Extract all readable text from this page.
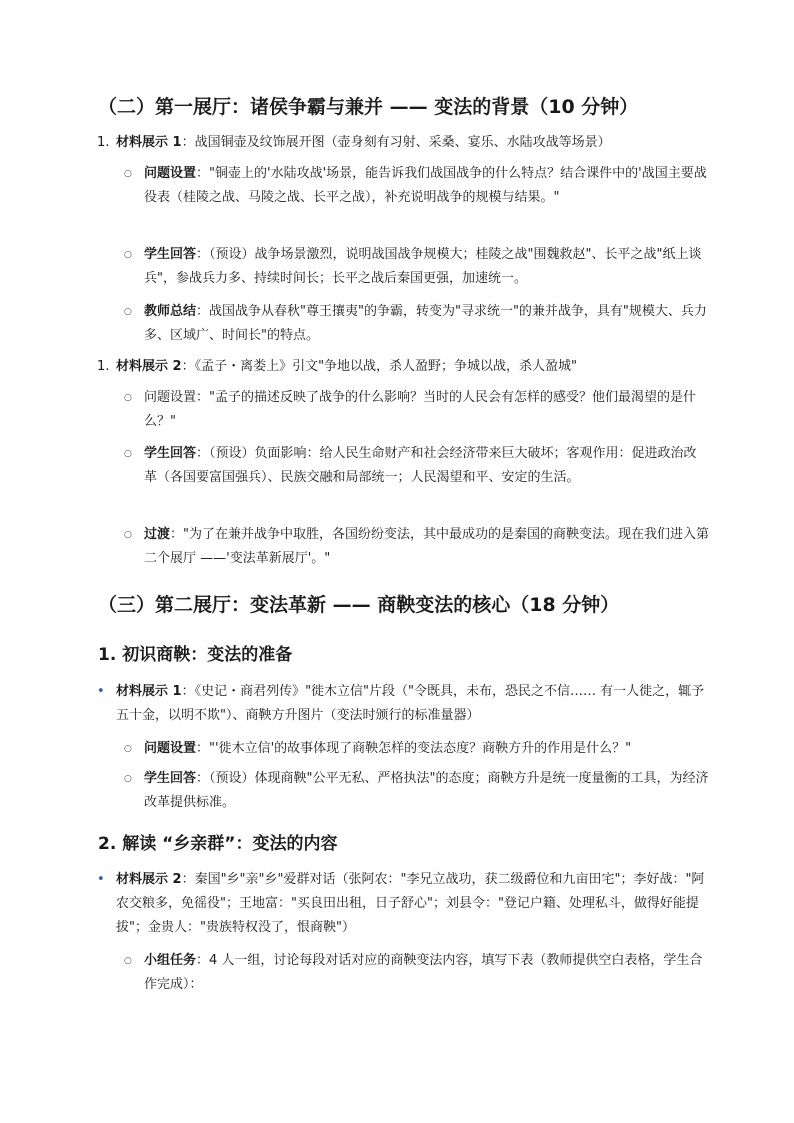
（二）第一展厅：诸侯争霸与兼并 —— 变法的背景（10 分钟）
1. 材料展示 1：战国铜壶及纹饰展开图（壶身刻有习射、采桑、宴乐、水陆攻战等场景）
○ 问题设置："铜壶上的'水陆攻战'场景，能告诉我们战国战争的什么特点？结合课件中的'战国主要战役表（桂陵之战、马陵之战、长平之战），补充说明战争的规模与结果。"
○ 学生回答：（预设）战争场景激烈，说明战国战争规模大；桂陵之战"围魏救赵"、长平之战"纸上谈兵"，参战兵力多、持续时间长；长平之战后秦国更强，加速统一。
○ 教师总结：战国战争从春秋"尊王攘夷"的争霸，转变为"寻求统一"的兼并战争，具有"规模大、兵力多、区域广、时间长"的特点。
1. 材料展示 2：《孟子・离娄上》引文"争地以战，杀人盈野；争城以战，杀人盈城"
○ 问题设置："孟子的描述反映了战争的什么影响？当时的人民会有怎样的感受？他们最渴望的是什么？"
○ 学生回答：（预设）负面影响：给人民生命财产和社会经济带来巨大破坏；客观作用：促进政治改革（各国要富国强兵）、民族交融和局部统一；人民渴望和平、安定的生活。
○ 过渡："为了在兼并战争中取胜，各国纷纷变法，其中最成功的是秦国的商鞅变法。现在我们进入第二个展厅 ——'变法革新展厅'。"
（三）第二展厅：变法革新 —— 商鞅变法的核心（18 分钟）
1. 初识商鞅：变法的准备
• 材料展示 1：《史记・商君列传》"徙木立信"片段（"令既具，未布，恐民之不信…… 有一人徙之，辄予五十金，以明不欺"）、商鞅方升图片（变法时颁行的标准量器）
○ 问题设置："'徙木立信'的故事体现了商鞅怎样的变法态度？商鞅方升的作用是什么？"
○ 学生回答：（预设）体现商鞅"公平无私、严格执法"的态度；商鞅方升是统一度量衡的工具，为经济改革提供标准。
2. 解读 “乡亲群”：变法的内容
• 材料展示 2：秦国"乡"亲"乡"爱群对话（张阿农："李兄立战功，获二级爵位和九亩田宅"；李好战："阿农交粮多，免徭役"；王地富："买良田出租，日子舒心"；刘县令："登记户籍、处理私斗，做得好能提拔"；金贵人："贵族特权没了，恨商鞅"）
○ 小组任务：4 人一组，讨论每段对话对应的商鞅变法内容，填写下表（教师提供空白表格，学生合作完成）：
